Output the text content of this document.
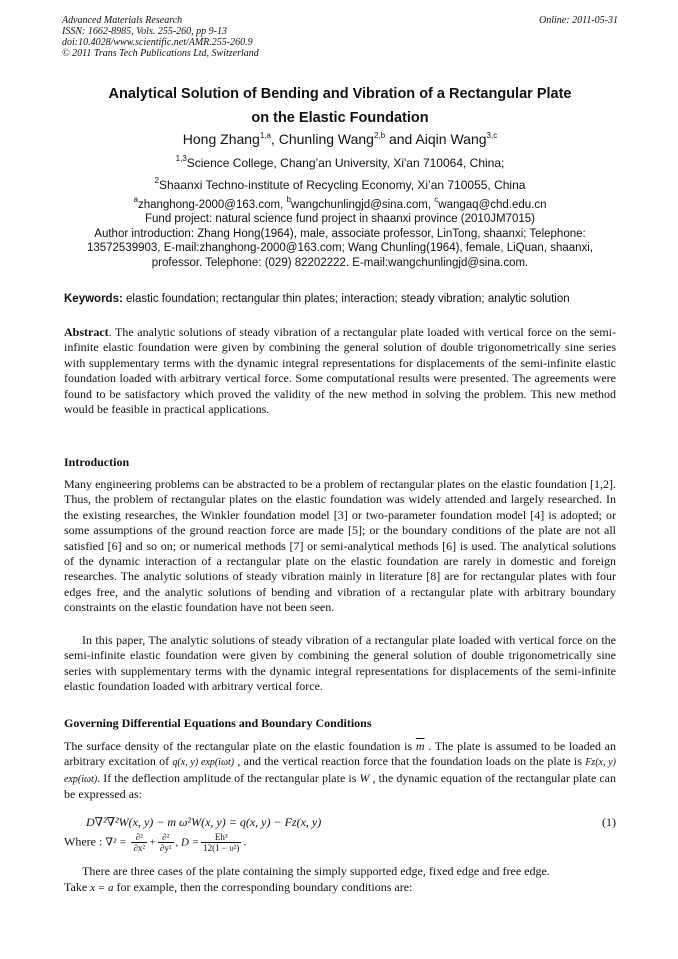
Advanced Materials Research
ISSN: 1662-8985, Vols. 255-260, pp 9-13
doi:10.4028/www.scientific.net/AMR.255-260.9
© 2011 Trans Tech Publications Ltd, Switzerland
Online: 2011-05-31
Analytical Solution of Bending and Vibration of a Rectangular Plate
on the Elastic Foundation
Hong Zhang$^{1,a}$, Chunling Wang$^{2,b}$ and Aiqin Wang$^{3,c}$
$^{1,3}$Science College, Chang’an University, Xi'an 710064, China;
$^2$Shaanxi Techno-institute of Recycling Economy, Xi’an 710055, China
$^a$zhanghong-2000@163.com, $^b$wangchunlingjd@sina.com, $^c$wangaq@chd.edu.cn
Fund project: natural science fund project in shaanxi province (2010JM7015)
Author introduction: Zhang Hong(1964), male, associate professor, LinTong, shaanxi; Telephone: 13572539903, E-mail:zhanghong-2000@163.com; Wang Chunling(1964), female, LiQuan, shaanxi, professor. Telephone: (029) 82202222. E-mail:wangchunlingjd@sina.com.
Keywords: elastic foundation; rectangular thin plates; interaction; steady vibration; analytic solution
Abstract. The analytic solutions of steady vibration of a rectangular plate loaded with vertical force on the semi-infinite elastic foundation were given by combining the general solution of double trigonometrically sine series with supplementary terms with the dynamic integral representations for displacements of the semi-infinite elastic foundation loaded with arbitrary vertical force. Some computational results were presented. The agreements were found to be satisfactory which proved the validity of the new method in solving the problem. This new method would be feasible in practical applications.
Introduction
Many engineering problems can be abstracted to be a problem of rectangular plates on the elastic foundation [1,2]. Thus, the problem of rectangular plates on the elastic foundation was widely attended and largely researched. In the existing researches, the Winkler foundation model [3] or two-parameter foundation model [4] is adopted; or some assumptions of the ground reaction force are made [5]; or the boundary conditions of the plate are not all satisfied [6] and so on; or numerical methods [7] or semi-analytical methods [6] is used. The analytical solutions of the dynamic interaction of a rectangular plate on the elastic foundation are rarely in domestic and foreign researches. The analytic solutions of steady vibration mainly in literature [8] are for rectangular plates with four edges free, and the analytic solutions of bending and vibration of a rectangular plate with arbitrary boundary constraints on the elastic foundation have not been seen.
In this paper, The analytic solutions of steady vibration of a rectangular plate loaded with vertical force on the semi-infinite elastic foundation were given by combining the general solution of double trigonometrically sine series with supplementary terms with the dynamic integral representations for displacements of the semi-infinite elastic foundation loaded with arbitrary vertical force.
Governing Differential Equations and Boundary Conditions
The surface density of the rectangular plate on the elastic foundation is $\overline{m}$ . The plate is assumed to be loaded an arbitrary excitation of q(x, y) exp(iωt) , and the vertical reaction force that the foundation loads on the plate is Fz(x, y) exp(iωt). If the deflection amplitude of the rectangular plate is W , the dynamic equation of the rectangular plate can be expressed as:
D∇²∇²W(x, y) − m ω²W(x, y) = q(x, y) − Fz(x, y)	(1)
Where : $\nabla^2 = \frac{\text{∂²}}{\text{∂x²}} + \frac{\text{∂²}}{\text{∂y²}}$ , $D = \frac{\text{Eh³}}{\text{12(1 − υ²)}}$ .
There are three cases of the plate containing the simply supported edge, fixed edge and free edge.
Take x = a for example, then the corresponding boundary conditions are:
